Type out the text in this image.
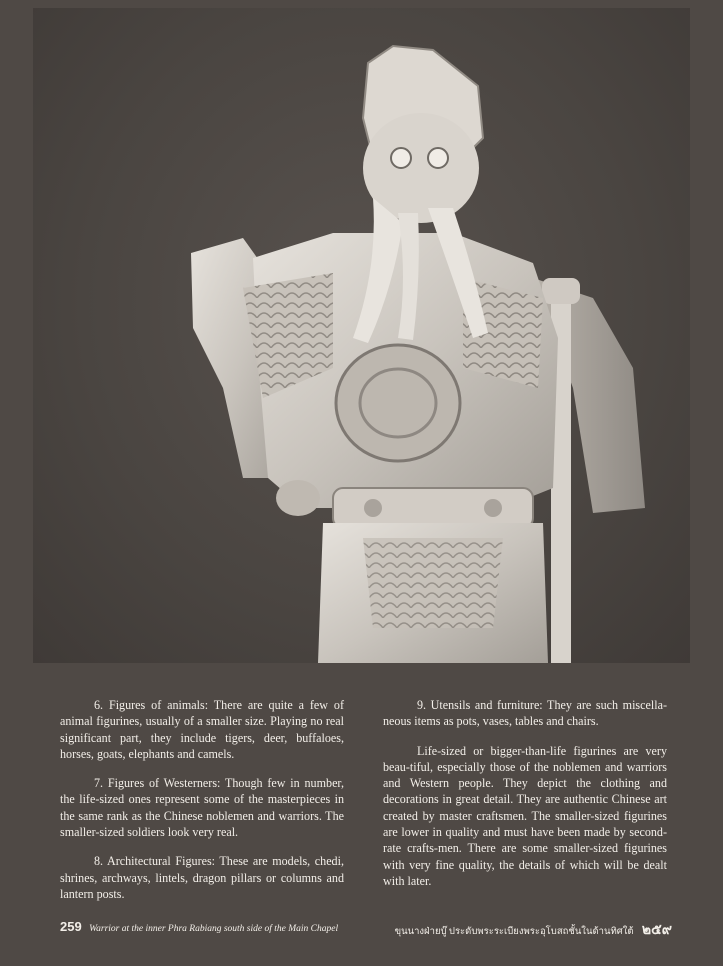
6. Figures of animals: There are quite a few of animal figurines, usually of a smaller size. Playing no real significant part, they include tigers, deer, buffaloes, horses, goats, elephants and camels.

7. Figures of Westerners: Though few in number, the life-sized ones represent some of the masterpieces in the same rank as the Chinese noblemen and warriors. The smaller-sized soldiers look very real.

8. Architectural Figures: These are models, chedi, shrines, archways, lintels, dragon pillars or columns and lantern posts.

9. Utensils and furniture: They are such miscella-neous items as pots, vases, tables and chairs.

Life-sized or bigger-than-life figurines are very beau-tiful, especially those of the noblemen and warriors and Western people. They depict the clothing and decorations in great detail. They are authentic Chinese art created by master craftsmen. The smaller-sized figurines are lower in quality and must have been made by second-rate crafts-men. There are some smaller-sized figurines with very fine quality, the details of which will be dealt with later.

259 Warrior at the inner Phra Rabiang south side of the Main Chapel	ขุนนางฝ่ายบู๊ ประดับพระระเบียงพระอุโบสถชั้นในด้านทิศใต้ ๒๕๙
